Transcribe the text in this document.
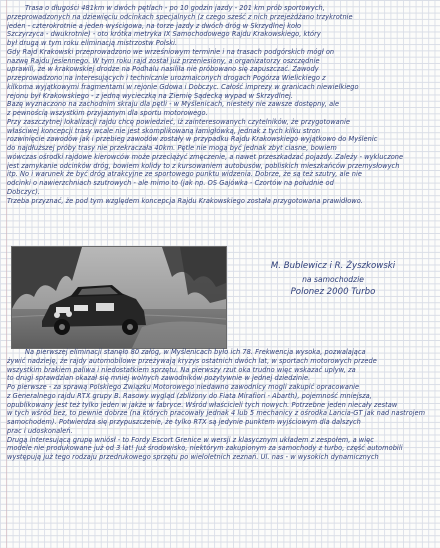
Trasa o długości 481km w dwóch pętlach - po 10 godzin jazdy - 201 km prób sportowych,
przeprowadzonych na dziewięciu odcinkach specjalnych (z czego sześć z nich przejeżdżano trzykrotnie
jeden - czterokrotnie a jeden wyścigowa, na torze jazdy z dwóch dróg w Skrzydlnej koło
Szczyrzyca - dwukrotnie) - oto krótka metryka IX Samochodowego Rajdu Krakowskiego, który
był drugą w tym roku eliminacją mistrzostw Polski.
Gdy Rajd Krakowski przeprowadzono we wrześniowym terminie i na trasach podgórskich mógł on
nazwę Rajdu Jesiennego. W tym roku rajd został już przeniesiony, a organizatorzy oszczędnie
uprawili, że w krakowskiej drodze na Podhalu nasiliła nie próbowano się zapuszczać. Zawody
przeprowadzono na interesujących i technicznie urozmaiconych drogach Pogórza Wielickiego z
kilkoma wyjątkowymi fragmentami w rejonie Gdowa i Dobczyc. Całość imprezy w granicach niewielkiego
rejonu był Krakowskiego - z jedną wycieczką na Ziemię Sądecką wypad w Skrzydlnej.
Bazę wyznaczono na zachodnim skraju dla pętli - w Myślenicach, niestety nie zawsze dostępny, ale
z pewnością wszystkim przyjaznym dla sportu motorowego.
Przy zaszczytnej lokalizacji rajdu chcę powiedzieć, iż zainteresowanych czytelników, że przygotowanie
właściwej koncepcji trasy wcale nie jest skomplikowaną łamigłówką, jednak z tych kilku stron
rozwinięcie zawodów jak i przebieg zawodów zostały w przypadku Rajdu Krakowskiego wyjątkowo do Myślenic
do najdłuższej próby trasy nie przekraczała 40km. Pętle nie mogą być jednak zbyt ciasne, bowiem
wówczas ośrodki rajdowe kierowców może przeciążyć zmęczenie, a nawet przeszkadzać pojazdy. Zależy - wykluczone
jest zamykanie odcinków dróg, bowiem kolidy to z kursowaniem autobusów, pobliskich mieszkańców przemysłowych
itp. No i warunek że być dróg atrakcyjne ze sportowego punktu widzenia. Dobrze, że są też szutry, ale nie
odcinki o nawierzchniach szutrowych - ale mimo to (jak np. OS Gajówka - Czortów na południe od
Dobczyc).
Trzeba przyznać, że pod tym względem koncepcja Rajdu Krakowskiego została przygotowana prawidłowo.
M. Bublewicz i R. Żyszkowski
na samochodzie
Polonez 2000 Turbo
Na pierwszej eliminacji stanęło 80 załóg, w Myślenicach było ich 78. Frekwencja wysoka, pozwalająca
żywić nadzieję, że rajdy automobilowe przeżywają kryzys ostatnich dwóch lat, w sportach motorowych przede
wszystkim brakiem paliwa i niedostatkiem sprzętu. Na pierwszy rzut oka trudno więc wskazać uplyw, za
to drugi sprawdzian okazał się mniej wolnych zawodników pozytywnie w jednej dziedzinie.
Po pierwsze - za sprawą Polskiego Związku Motorowego niedawno zawodnicy mogli zakupić opracowanie
z Generalnego rajdu RTX grupy B. Rasowy wygląd (zbliżony do Fiata Mirafiori - Abarth), pojemność mniejsza,
opublikowany jest też tylko jeden w jakże w fabryce. Wśród właścicieli tych nowych. Potrzebne jeden niecały zestaw
w tych wśród bez, to pewnie dobrze (na których pracowały jednak 4 lub 5 mechanicy z ośrodka Lancia-GT jak nad nastrojem
samochodem). Potwierdza się przypuszczenie, że tylko RTX są jedynie punktem wyjściowym dla dalszych
prac i udoskonaleń.
Drugą interesującą grupę wniósł - to Fordy Escort Grenice w wersji z klasycznym układem z zespołem, a więc
modele nie produkowane już od 3 lat! Już środowisko, niektórym zakupionym za samochody z turbo, część automobili
występują już tego rodzaju przedrukowego sprzętu po wieloletnich zeznań. Ul. nas - w wysokich dynamicznych
